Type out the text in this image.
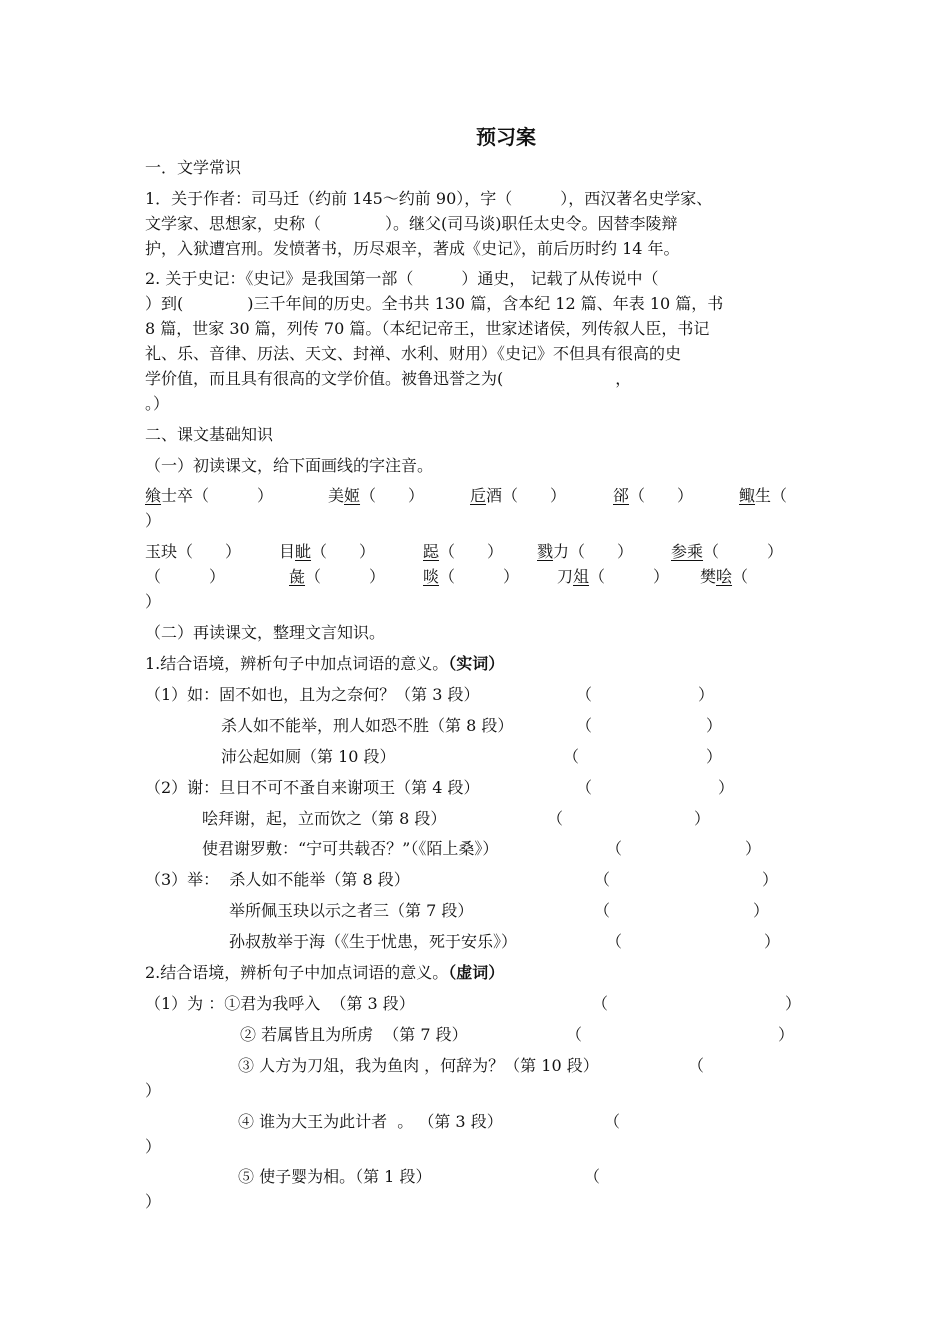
预习案
一．文学常识
1．关于作者：司马迁（约前 145～约前 90），字（　　　），西汉著名史学家、
文学家、思想家，史称（　　　　）。继父(司马谈)职任太史令。因替李陵辩
护，入狱遭宫刑。发愤著书，历尽艰辛，著成《史记》，前后历时约 14 年。
2. 关于史记：《史记》是我国第一部（　　　）通史， 记载了从传说中（
）到(　　　　)三千年间的历史。全书共 130 篇，含本纪 12 篇、年表 10 篇，书
8 篇，世家 30 篇，列传 70 篇。（本纪记帝王，世家述诸侯，列传叙人臣，书记
礼、乐、音律、历法、天文、封禅、水利、财用）《史记》不但具有很高的史
学价值，而且具有很高的文学价值。被鲁迅誉之为(　　　　　　　，
。）
二、课文基础知识
（一）初读课文，给下面画线的字注音。
飨士卒（　　　）	美姬（　　）	卮酒（　　）	郤（　　）	鲰生（
）
玉玦（　　） 目眦（　　）	跽（　　） 戮力（　　） 参乘（　　　）
（　　　）	彘（　　　） 啖（　　　） 刀俎（　　　） 樊哙（
）
（二）再读课文，整理文言知识。
1.结合语境，辨析句子中加点词语的意义。（实词）
（1）如：固不如也，且为之奈何？（第 3 段）	（	）
杀人如不能举，刑人如恐不胜（第 8 段）	（	）
沛公起如厕（第 10 段）	（	）
（2）谢：旦日不可不蚤自来谢项王（第 4 段）	（	）
哙拜谢，起，立而饮之（第 8 段）	（	）
使君谢罗敷：“宁可共载否？”（《陌上桑》）	（	）
（3）举：  杀人如不能举（第 8 段）	（	）
举所佩玉玦以示之者三（第 7 段）	（	）
孙叔敖举于海（《生于忧患，死于安乐》）	（	）
2.结合语境，辨析句子中加点词语的意义。（虚词）
（1）为 ：①君为我呼入  （第 3 段）	（	）
② 若属皆且为所虏  （第 7 段）	（	）
③ 人方为刀俎，我为鱼肉 ，何辞为？（第 10 段）	（
）
④ 谁为大王为此计者  。 （第 3 段）	（
）
⑤ 使子婴为相。（第 1 段）	（
）
